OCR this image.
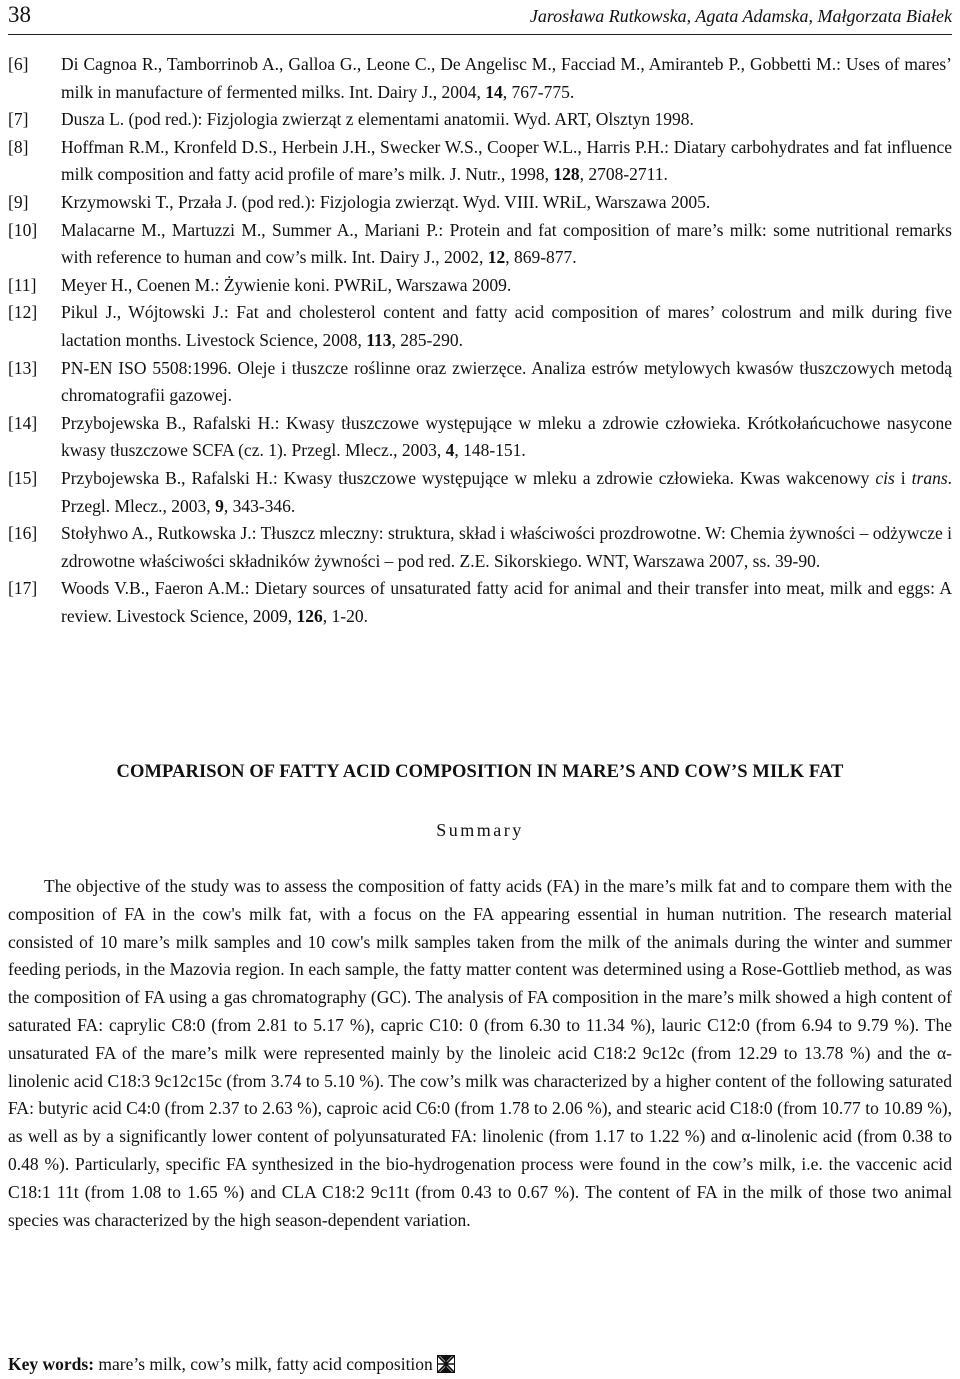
38	Jarosława Rutkowska, Agata Adamska, Małgorzata Białek
[6] Di Cagnoa R., Tamborrinob A., Galloa G., Leone C., De Angelisc M., Facciad M., Amiranteb P., Gobbetti M.: Uses of mares’ milk in manufacture of fermented milks. Int. Dairy J., 2004, 14, 767-775.
[7] Dusza L. (pod red.): Fizjologia zwierząt z elementami anatomii. Wyd. ART, Olsztyn 1998.
[8] Hoffman R.M., Kronfeld D.S., Herbein J.H., Swecker W.S., Cooper W.L., Harris P.H.: Diatary carbohydrates and fat influence milk composition and fatty acid profile of mare’s milk. J. Nutr., 1998, 128, 2708-2711.
[9] Krzymowski T., Przała J. (pod red.): Fizjologia zwierząt. Wyd. VIII. WRiL, Warszawa 2005.
[10] Malacarne M., Martuzzi M., Summer A., Mariani P.: Protein and fat composition of mare’s milk: some nutritional remarks with reference to human and cow’s milk. Int. Dairy J., 2002, 12, 869-877.
[11] Meyer H., Coenen M.: Żywienie koni. PWRiL, Warszawa 2009.
[12] Pikul J., Wójtowski J.: Fat and cholesterol content and fatty acid composition of mares’ colostrum and milk during five lactation months. Livestock Science, 2008, 113, 285-290.
[13] PN-EN ISO 5508:1996. Oleje i tłuszcze roślinne oraz zwierzęce. Analiza estrów metylowych kwasów tłuszczowych metodą chromatografii gazowej.
[14] Przybojewska B., Rafalski H.: Kwasy tłuszczowe występujące w mleku a zdrowie człowieka. Krótkołańcuchowe nasycone kwasy tłuszczowe SCFA (cz. 1). Przegl. Mlecz., 2003, 4, 148-151.
[15] Przybojewska B., Rafalski H.: Kwasy tłuszczowe występujące w mleku a zdrowie człowieka. Kwas wakcenowy cis i trans. Przegl. Mlecz., 2003, 9, 343-346.
[16] Stołyhwo A., Rutkowska J.: Tłuszcz mleczny: struktura, skład i właściwości prozdrowotne. W: Chemia żywności – odżywcze i zdrowotne właściwości składników żywności – pod red. Z.E. Sikorskiego. WNT, Warszawa 2007, ss. 39-90.
[17] Woods V.B., Faeron A.M.: Dietary sources of unsaturated fatty acid for animal and their transfer into meat, milk and eggs: A review. Livestock Science, 2009, 126, 1-20.
COMPARISON OF FATTY ACID COMPOSITION IN MARE’S AND COW’S MILK FAT
Summary
The objective of the study was to assess the composition of fatty acids (FA) in the mare’s milk fat and to compare them with the composition of FA in the cow's milk fat, with a focus on the FA appearing essential in human nutrition. The research material consisted of 10 mare’s milk samples and 10 cow's milk samples taken from the milk of the animals during the winter and summer feeding periods, in the Mazovia region. In each sample, the fatty matter content was determined using a Rose-Gottlieb method, as was the composition of FA using a gas chromatography (GC). The analysis of FA composition in the mare’s milk showed a high content of saturated FA: caprylic C8:0 (from 2.81 to 5.17 %), capric C10: 0 (from 6.30 to 11.34 %), lauric C12:0 (from 6.94 to 9.79 %). The unsaturated FA of the mare’s milk were represented mainly by the linoleic acid C18:2 9c12c (from 12.29 to 13.78 %) and the α-linolenic acid C18:3 9c12c15c (from 3.74 to 5.10 %). The cow’s milk was characterized by a higher content of the following saturated FA: butyric acid C4:0 (from 2.37 to 2.63 %), caproic acid C6:0 (from 1.78 to 2.06 %), and stearic acid C18:0 (from 10.77 to 10.89 %), as well as by a significantly lower content of polyunsaturated FA: linolenic (from 1.17 to 1.22 %) and α-linolenic acid (from 0.38 to 0.48 %). Particularly, specific FA synthesized in the bio-hydrogenation process were found in the cow’s milk, i.e. the vaccenic acid C18:1 11t (from 1.08 to 1.65 %) and CLA C18:2 9c11t (from 0.43 to 0.67 %). The content of FA in the milk of those two animal species was characterized by the high season-dependent variation.
Key words: mare’s milk, cow’s milk, fatty acid composition
